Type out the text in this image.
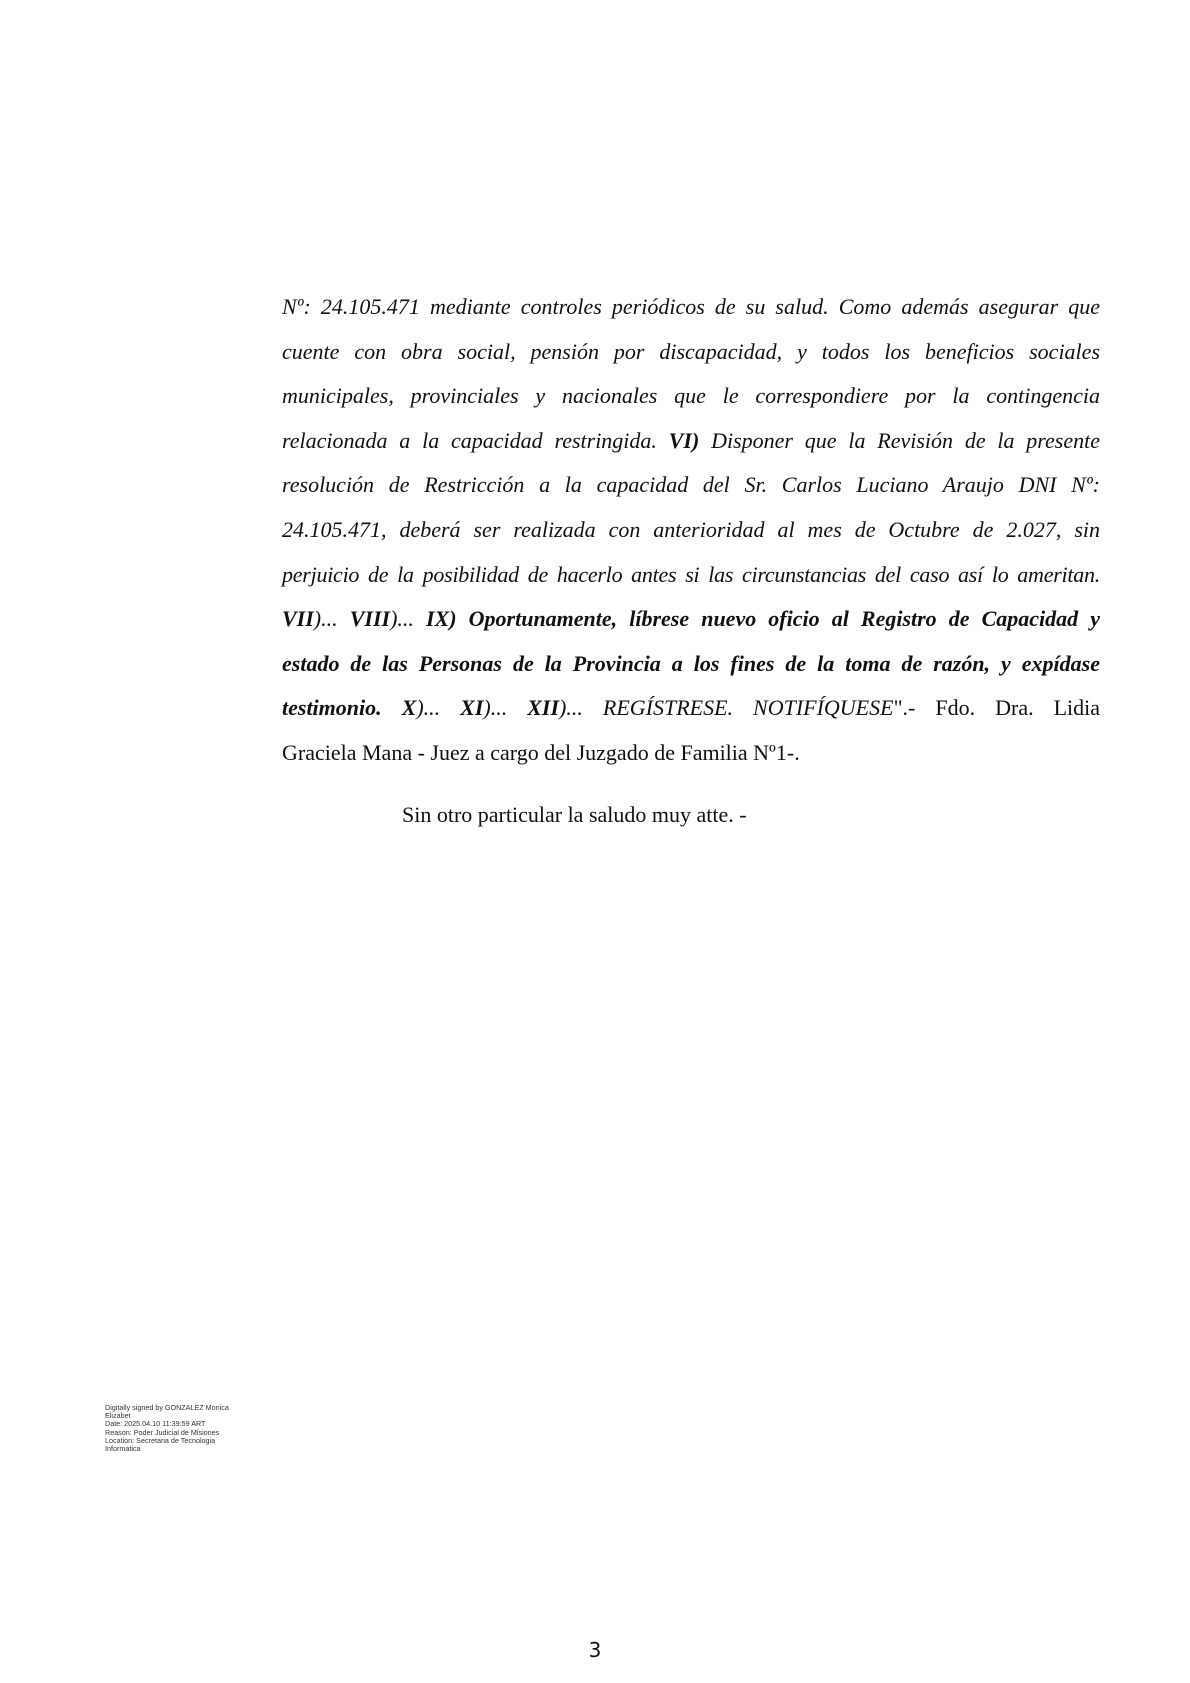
Nº: 24.105.471 mediante controles periódicos de su salud. Como además asegurar que
cuente con obra social, pensión por discapacidad, y todos los beneficios sociales
municipales, provinciales y nacionales que le correspondiere por la contingencia
relacionada a la capacidad restringida. VI) Disponer que la Revisión de la presente
resolución de Restricción a la capacidad del Sr. Carlos Luciano Araujo DNI Nº:
24.105.471, deberá ser realizada con anterioridad al mes de Octubre de 2.027, sin
perjuicio de la posibilidad de hacerlo antes si las circunstancias del caso así lo ameritan.
VII)... VIII)... IX) Oportunamente, líbrese nuevo oficio al Registro de Capacidad y
estado de las Personas de la Provincia a los fines de la toma de razón, y expídase
testimonio. X)... XI)... XII)... REGÍSTRESE. NOTIFÍQUESE".- Fdo. Dra. Lidia
Graciela Mana - Juez a cargo del Juzgado de Familia Nº1-.

Sin otro particular la saludo muy atte. -

Digitally signed by GONZALEZ Monica
Elizabet
Date: 2025.04.10 11:39:59 ART
Reason: Poder Judicial de Misiones
Location: Secretaria de Tecnologia
Informatica
3
